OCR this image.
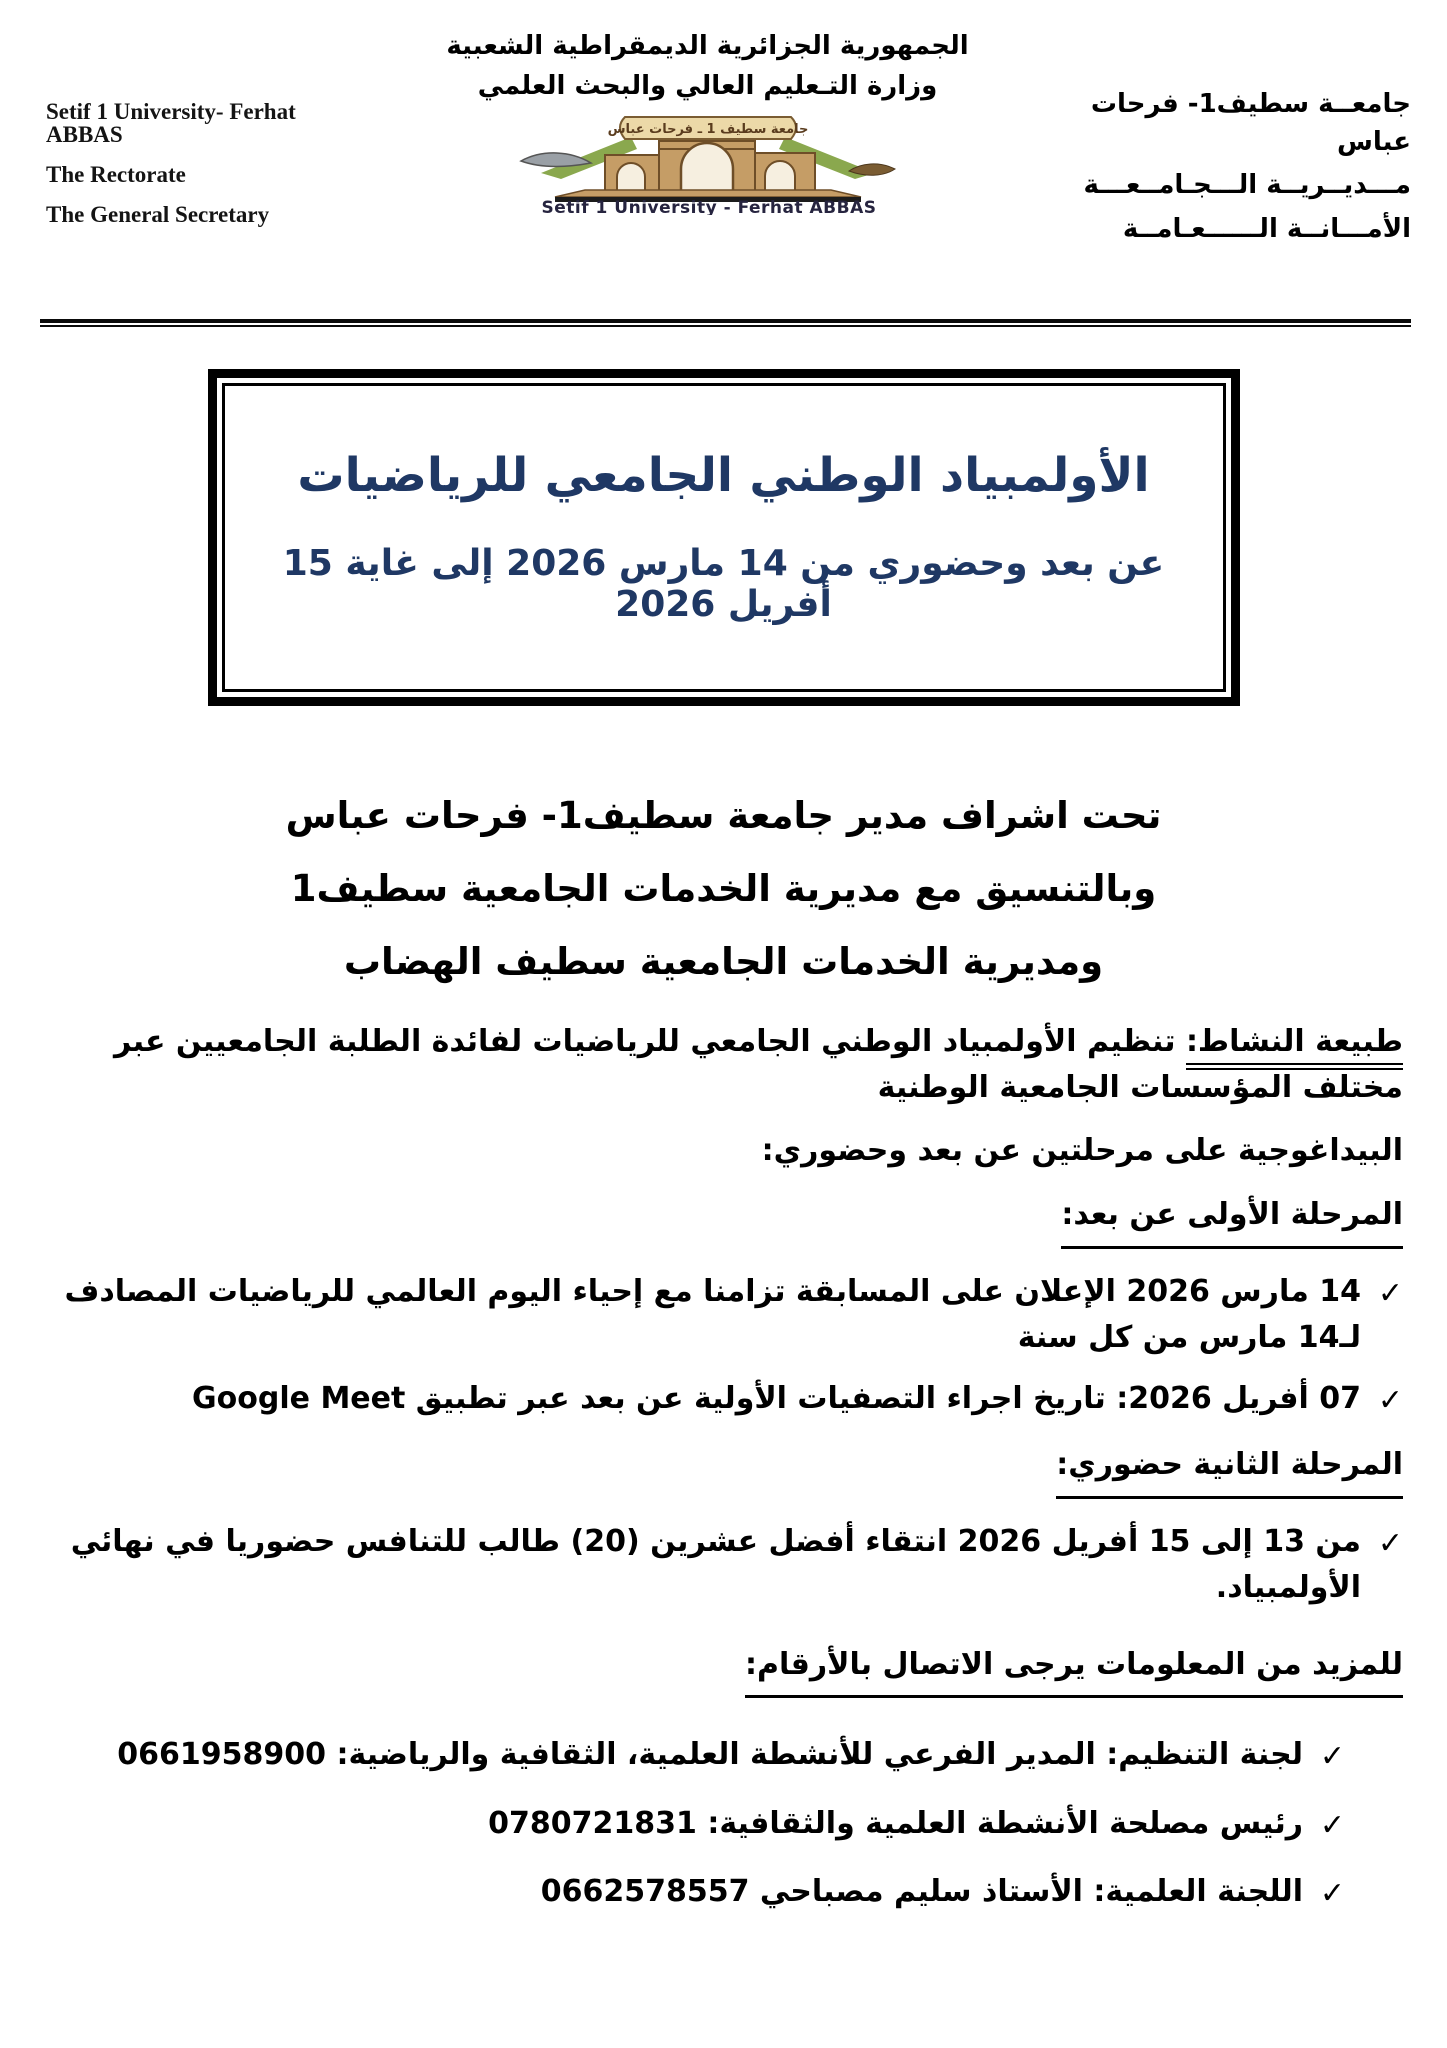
Setif 1 University- Ferhat ABBAS
The Rectorate
The General Secretary
الجمهورية الجزائرية الديمقراطية الشعبية
وزارة التـعليم العالي والبحث العلمي
جامعة سطيف 1 ـ فرحات عباس
Setif 1 University - Ferhat ABBAS
جامعــة سطيف1- فرحات عباس
مـــديــريــة الـــجـامــعـــة
الأمـــانــة الــــــعـامــة
الأولمبياد الوطني الجامعي للرياضيات
عن بعد وحضوري من 14 مارس 2026 إلى غاية 15 أفريل 2026
تحت اشراف مدير جامعة سطيف1- فرحات عباس
وبالتنسيق مع مديرية الخدمات الجامعية سطيف1
ومديرية الخدمات الجامعية سطيف الهضاب
طبيعة النشاط: تنظيم الأولمبياد الوطني الجامعي للرياضيات لفائدة الطلبة الجامعيين عبر مختلف المؤسسات الجامعية الوطنية
البيداغوجية على مرحلتين عن بعد وحضوري:
المرحلة الأولى عن بعد:
✓
14 مارس 2026 الإعلان على المسابقة تزامنا مع إحياء اليوم العالمي للرياضيات المصادف لـ14 مارس من كل سنة
✓
07 أفريل 2026: تاريخ اجراء التصفيات الأولية عن بعد عبر تطبيق Google Meet
المرحلة الثانية حضوري:
✓
من 13 إلى 15 أفريل 2026 انتقاء أفضل عشرين (20) طالب للتنافس حضوريا في نهائي الأولمبياد.
للمزيد من المعلومات يرجى الاتصال بالأرقام:
✓
لجنة التنظيم: المدير الفرعي للأنشطة العلمية، الثقافية والرياضية: 0661958900
✓
رئيس مصلحة الأنشطة العلمية والثقافية: 0780721831
✓
اللجنة العلمية: الأستاذ سليم مصباحي 0662578557
